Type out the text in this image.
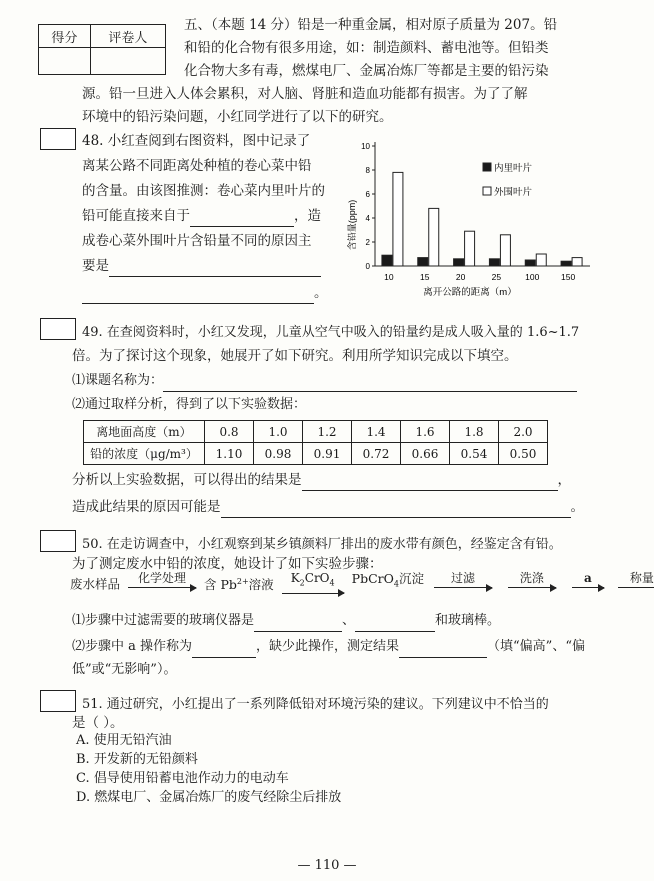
得分	评卷人

五、（本题 14 分）铅是一种重金属，相对原子质量为 207。铅
和铅的化合物有很多用途，如：制造颜料、蓄电池等。但铅类
化合物大多有毒，燃煤电厂、金属冶炼厂等都是主要的铅污染
源。铅一旦进入人体会累积，对人脑、肾脏和造血功能都有损害。为了了解
环境中的铅污染问题，小红同学进行了以下的研究。
48. 小红查阅到右图资料，图中记录了
离某公路不同距离处种植的卷心菜中铅
的含量。由该图推测：卷心菜内里叶片的
铅可能直接来自于	，造
成卷心菜外围叶片含铅量不同的原因主
要是
。
含铅量(ppm)
0
2
4
6
8
10
10	15	20	25	100	150
离开公路的距离（m）
内里叶片
外围叶片
49. 在查阅资料时，小红又发现，儿童从空气中吸入的铅量约是成人吸入量的 1.6~1.7
倍。为了探讨这个现象，她展开了如下研究。利用所学知识完成以下填空。
⑴课题名称为：
⑵通过取样分析，得到了以下实验数据：
离地面高度（m）	0.8	1.0	1.2	1.4	1.6	1.8	2.0
铅的浓度（μg/m³）	1.10	0.98	0.91	0.72	0.66	0.54	0.50
分析以上实验数据，可以得出的结果是	，
造成此结果的原因可能是	。
50. 在走访调查中，小红观察到某乡镇颜料厂排出的废水带有颜色，经鉴定含有铅。
为了测定废水中铅的浓度，她设计了如下实验步骤：
废水样品	化学处理	含 $Pb^{2+}$溶液	$K_2CrO_4$	PbCrO$_4$沉淀	过滤
	洗涤
	a
	称量
⑴步骤中过滤需要的玻璃仪器是	、	和玻璃棒。
⑵步骤中 a 操作称为	，缺少此操作，测定结果	（填“偏高”、“偏
低”或“无影响”）。
51. 通过研究，小红提出了一系列降低铅对环境污染的建议。下列建议中不恰当的
是（ ）。
A. 使用无铅汽油
B. 开发新的无铅颜料
C. 倡导使用铅蓄电池作动力的电动车
D. 燃煤电厂、金属冶炼厂的废气经除尘后排放
— 110 —
